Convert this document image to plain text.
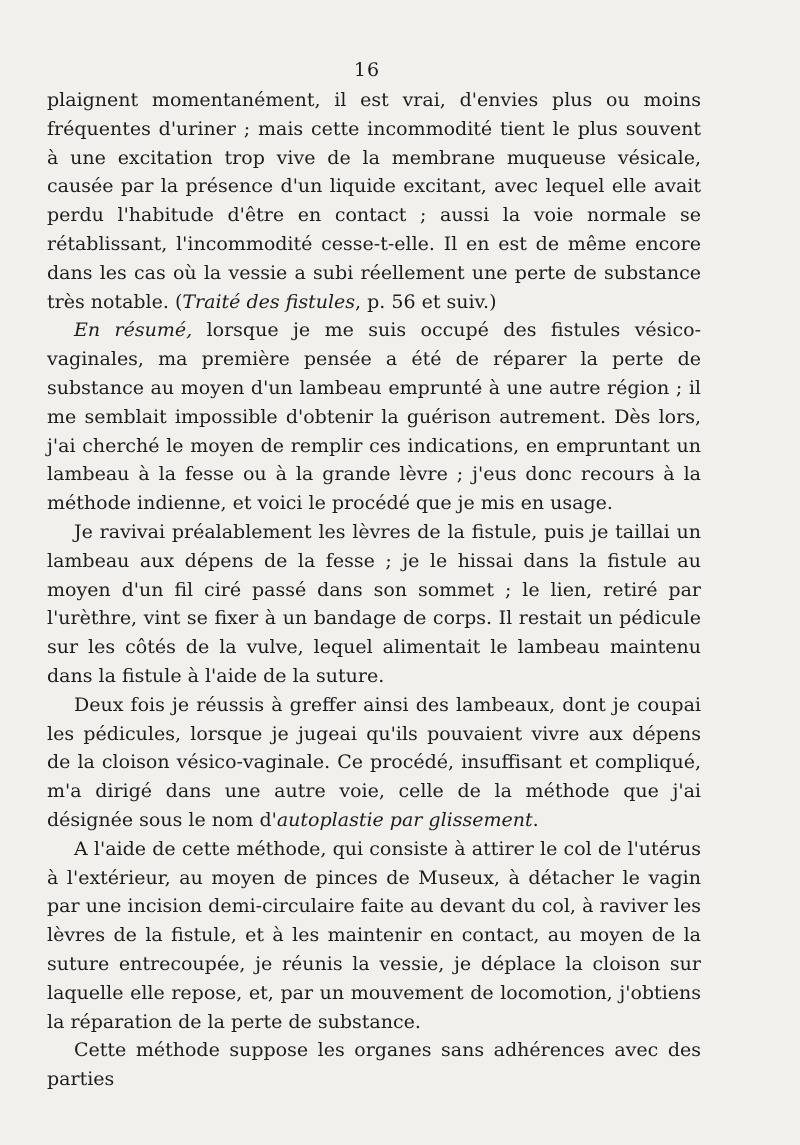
16

plaignent momentanément, il est vrai, d'envies plus ou moins fréquentes d'uriner ; mais cette incommodité tient le plus souvent à une excitation trop vive de la membrane muqueuse vésicale, causée par la présence d'un liquide excitant, avec lequel elle avait perdu l'habitude d'être en contact ; aussi la voie normale se rétablissant, l'incommodité cesse-t-elle. Il en est de même encore dans les cas où la vessie a subi réellement une perte de substance très notable. (Traité des fistules, p. 56 et suiv.)

En résumé, lorsque je me suis occupé des fistules vésico-vaginales, ma première pensée a été de réparer la perte de substance au moyen d'un lambeau emprunté à une autre région ; il me semblait impossible d'obtenir la guérison autrement. Dès lors, j'ai cherché le moyen de remplir ces indications, en empruntant un lambeau à la fesse ou à la grande lèvre ; j'eus donc recours à la méthode indienne, et voici le procédé que je mis en usage.

Je ravivai préalablement les lèvres de la fistule, puis je taillai un lambeau aux dépens de la fesse ; je le hissai dans la fistule au moyen d'un fil ciré passé dans son sommet ; le lien, retiré par l'urèthre, vint se fixer à un bandage de corps. Il restait un pédicule sur les côtés de la vulve, lequel alimentait le lambeau maintenu dans la fistule à l'aide de la suture.

Deux fois je réussis à greffer ainsi des lambeaux, dont je coupai les pédicules, lorsque je jugeai qu'ils pouvaient vivre aux dépens de la cloison vésico-vaginale. Ce procédé, insuffisant et compliqué, m'a dirigé dans une autre voie, celle de la méthode que j'ai désignée sous le nom d'autoplastie par glissement.

A l'aide de cette méthode, qui consiste à attirer le col de l'utérus à l'extérieur, au moyen de pinces de Museux, à détacher le vagin par une incision demi-circulaire faite au devant du col, à raviver les lèvres de la fistule, et à les maintenir en contact, au moyen de la suture entrecoupée, je réunis la vessie, je déplace la cloison sur laquelle elle repose, et, par un mouvement de locomotion, j'obtiens la réparation de la perte de substance.

Cette méthode suppose les organes sans adhérences avec des parties
